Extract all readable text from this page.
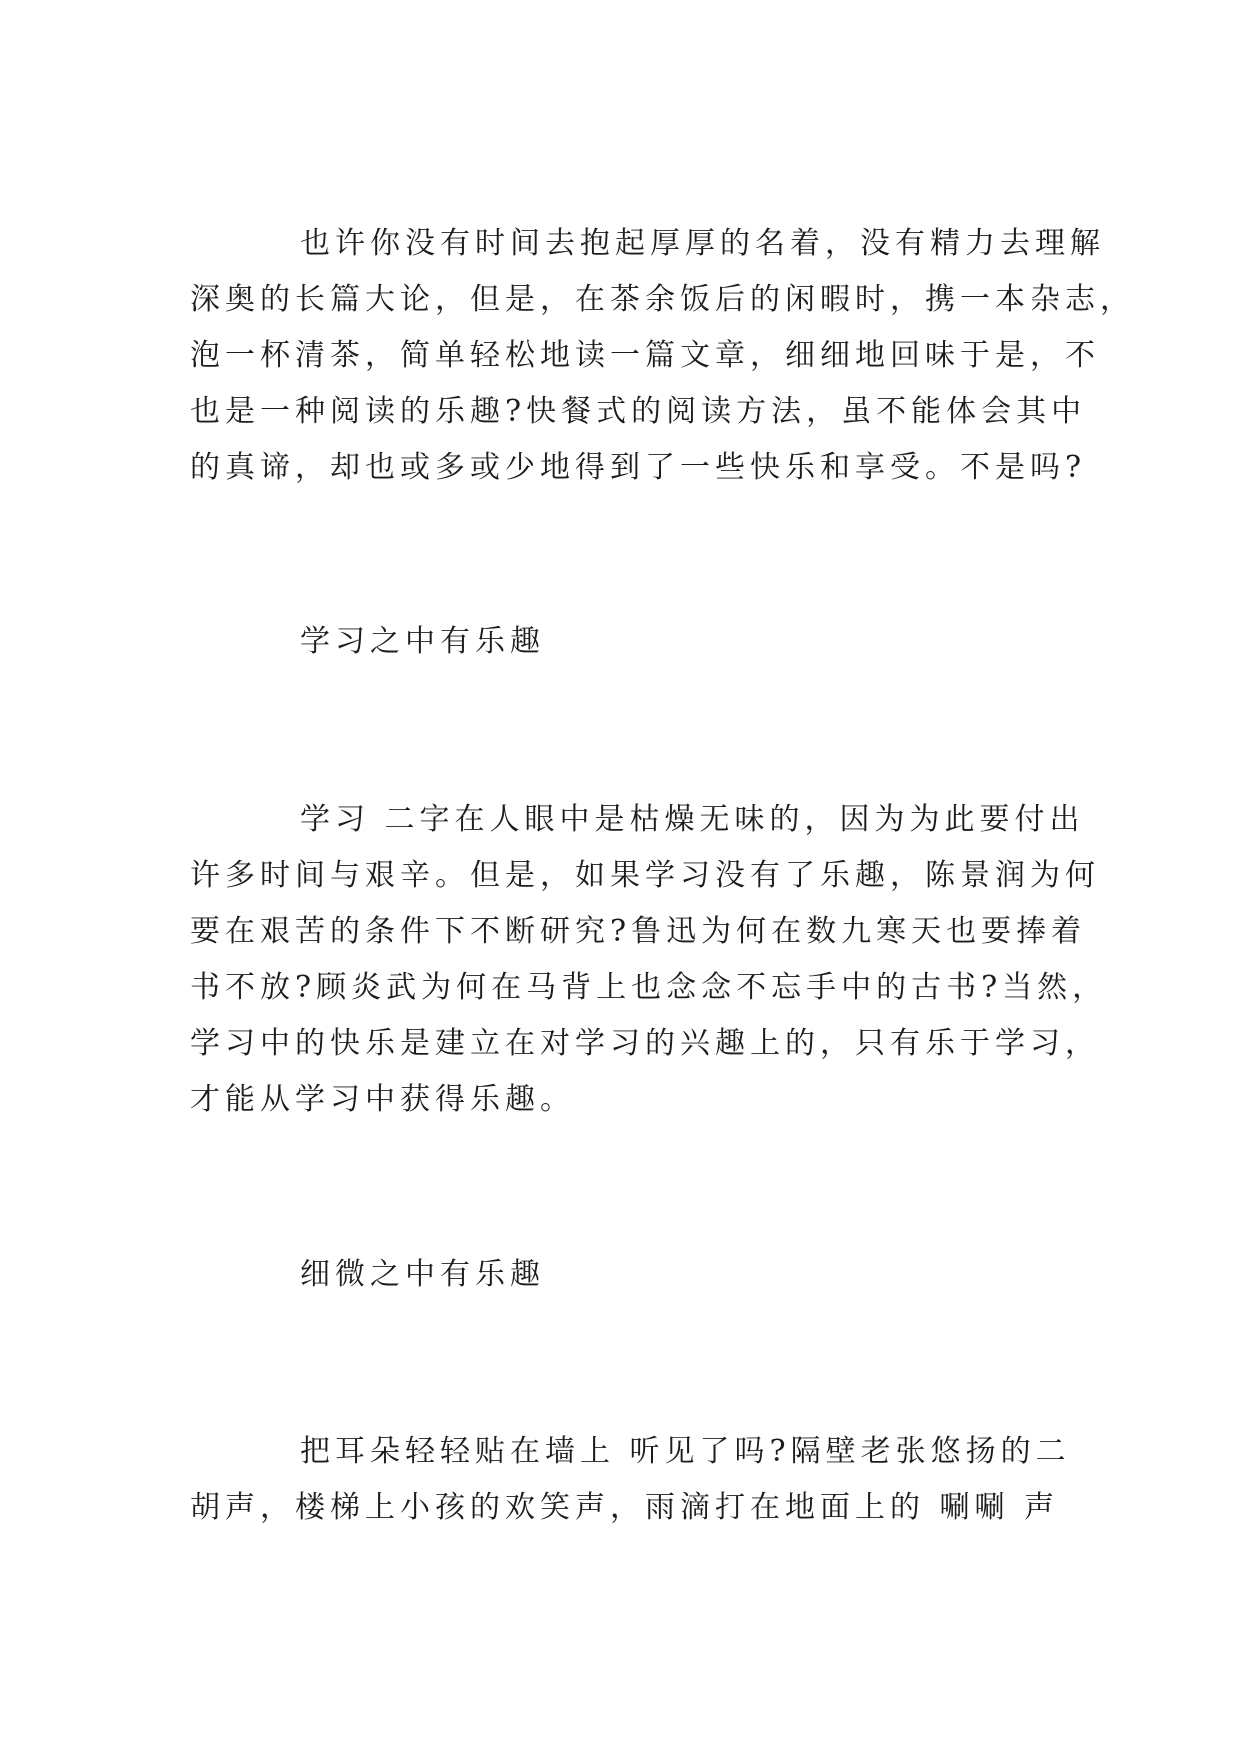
也许你没有时间去抱起厚厚的名着，没有精力去理解
深奥的长篇大论，但是，在茶余饭后的闲暇时，携一本杂志，
泡一杯清茶，简单轻松地读一篇文章，细细地回味于是，不
也是一种阅读的乐趣?快餐式的阅读方法，虽不能体会其中
的真谛，却也或多或少地得到了一些快乐和享受。不是吗?
学习之中有乐趣
学习 二字在人眼中是枯燥无味的，因为为此要付出
许多时间与艰辛。但是，如果学习没有了乐趣，陈景润为何
要在艰苦的条件下不断研究?鲁迅为何在数九寒天也要捧着
书不放?顾炎武为何在马背上也念念不忘手中的古书?当然，
学习中的快乐是建立在对学习的兴趣上的，只有乐于学习，
才能从学习中获得乐趣。
细微之中有乐趣
把耳朵轻轻贴在墙上 听见了吗?隔壁老张悠扬的二
胡声，楼梯上小孩的欢笑声，雨滴打在地面上的 唰唰 声
